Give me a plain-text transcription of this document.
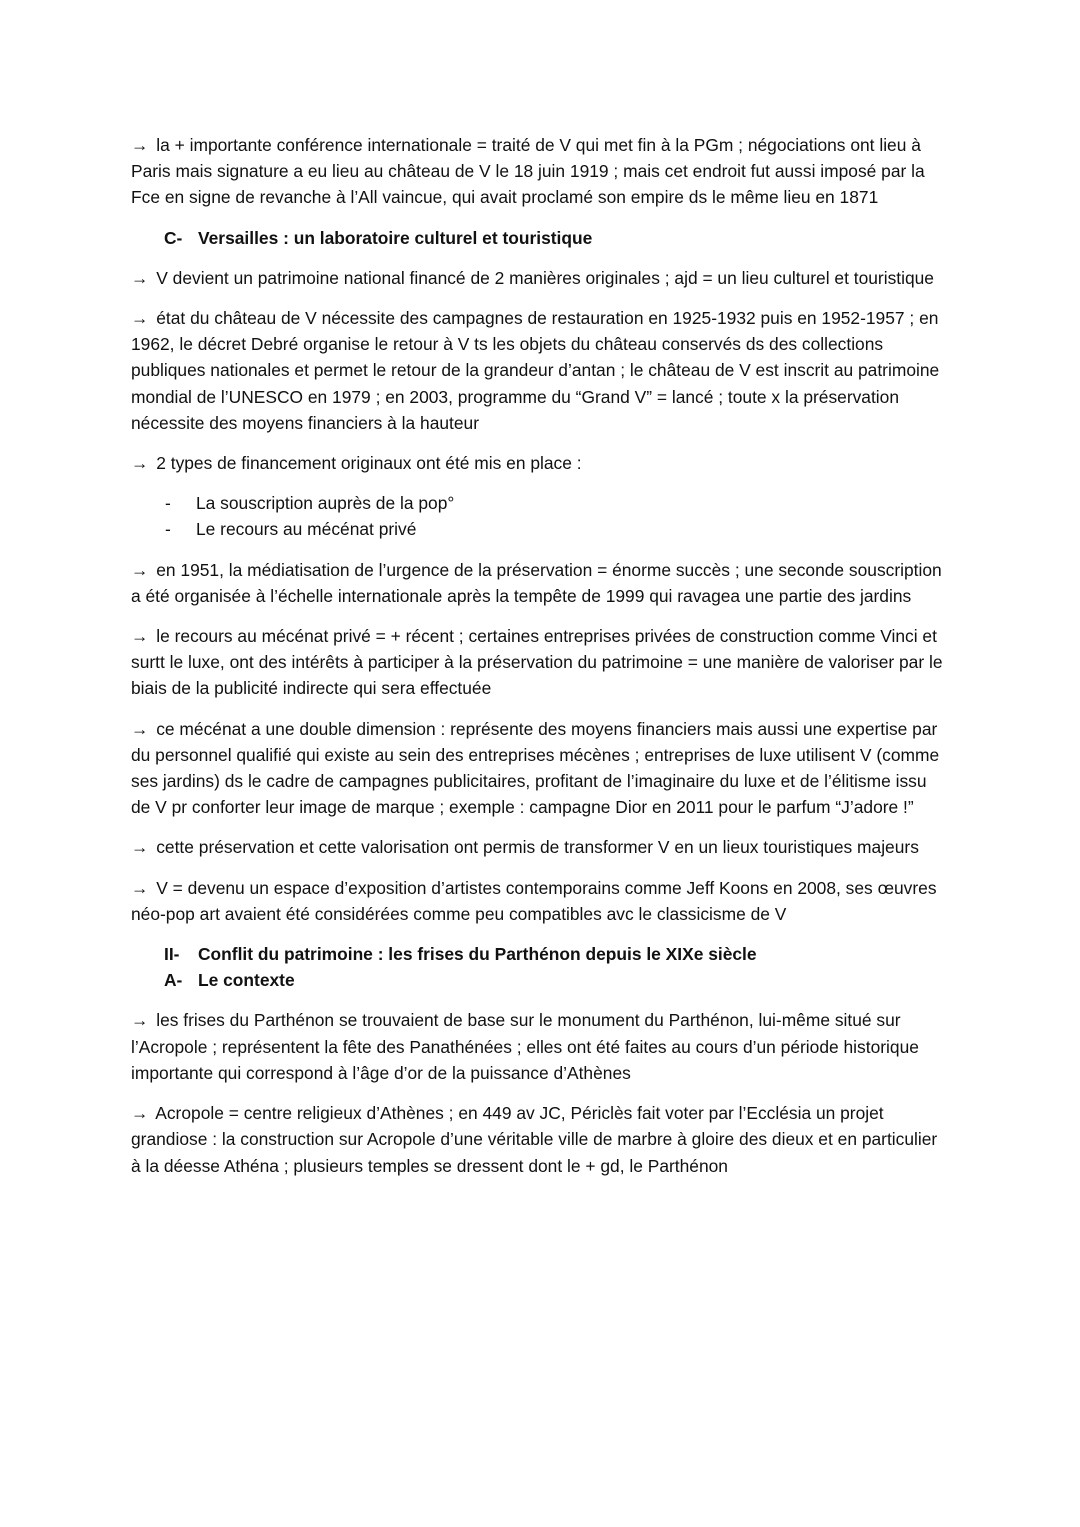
→ la + importante conférence internationale = traité de V qui met fin à la PGm ; négociations ont lieu à Paris mais signature a eu lieu au château de V le 18 juin 1919 ; mais cet endroit fut aussi imposé par la Fce en signe de revanche à l’All vaincue, qui avait proclamé son empire ds le même lieu en 1871

C- Versailles : un laboratoire culturel et touristique

→ V devient un patrimoine national financé de 2 manières originales ; ajd = un lieu culturel et touristique

→ état du château de V nécessite des campagnes de restauration en 1925-1932 puis en 1952-1957 ; en 1962, le décret Debré organise le retour à V ts les objets du château conservés ds des collections publiques nationales et permet le retour de la grandeur d’antan ; le château de V est inscrit au patrimoine mondial de l’UNESCO en 1979 ; en 2003, programme du “Grand V” = lancé ; toute x la préservation nécessite des moyens financiers à la hauteur

→ 2 types de financement originaux ont été mis en place :

- La souscription auprès de la pop°
- Le recours au mécénat privé

→ en 1951, la médiatisation de l’urgence de la préservation = énorme succès ; une seconde souscription a été organisée à l’échelle internationale après la tempête de 1999 qui ravagea une partie des jardins

→ le recours au mécénat privé = + récent ; certaines entreprises privées de construction comme Vinci et surtt le luxe, ont des intérêts à participer à la préservation du patrimoine = une manière de valoriser par le biais de la publicité indirecte qui sera effectuée

→ ce mécénat a une double dimension : représente des moyens financiers mais aussi une expertise par du personnel qualifié qui existe au sein des entreprises mécènes ; entreprises de luxe utilisent V (comme ses jardins) ds le cadre de campagnes publicitaires, profitant de l’imaginaire du luxe et de l’élitisme issu de V pr conforter leur image de marque ; exemple : campagne Dior en 2011 pour le parfum “J’adore !”

→ cette préservation et cette valorisation ont permis de transformer V en un lieux touristiques majeurs

→ V = devenu un espace d’exposition d’artistes contemporains comme Jeff Koons en 2008, ses œuvres néo-pop art avaient été considérées comme peu compatibles avc le classicisme de V

II- Conflit du patrimoine : les frises du Parthénon depuis le XIXe siècle
A- Le contexte

→ les frises du Parthénon se trouvaient de base sur le monument du Parthénon, lui-même situé sur l’Acropole ; représentent la fête des Panathénées ; elles ont été faites au cours d’un période historique importante qui correspond à l’âge d’or de la puissance d’Athènes

→ Acropole = centre religieux d’Athènes ; en 449 av JC, Périclès fait voter par l’Ecclésia un projet grandiose : la construction sur Acropole d’une véritable ville de marbre à gloire des dieux et en particulier à la déesse Athéna ; plusieurs temples se dressent dont le + gd, le Parthénon
